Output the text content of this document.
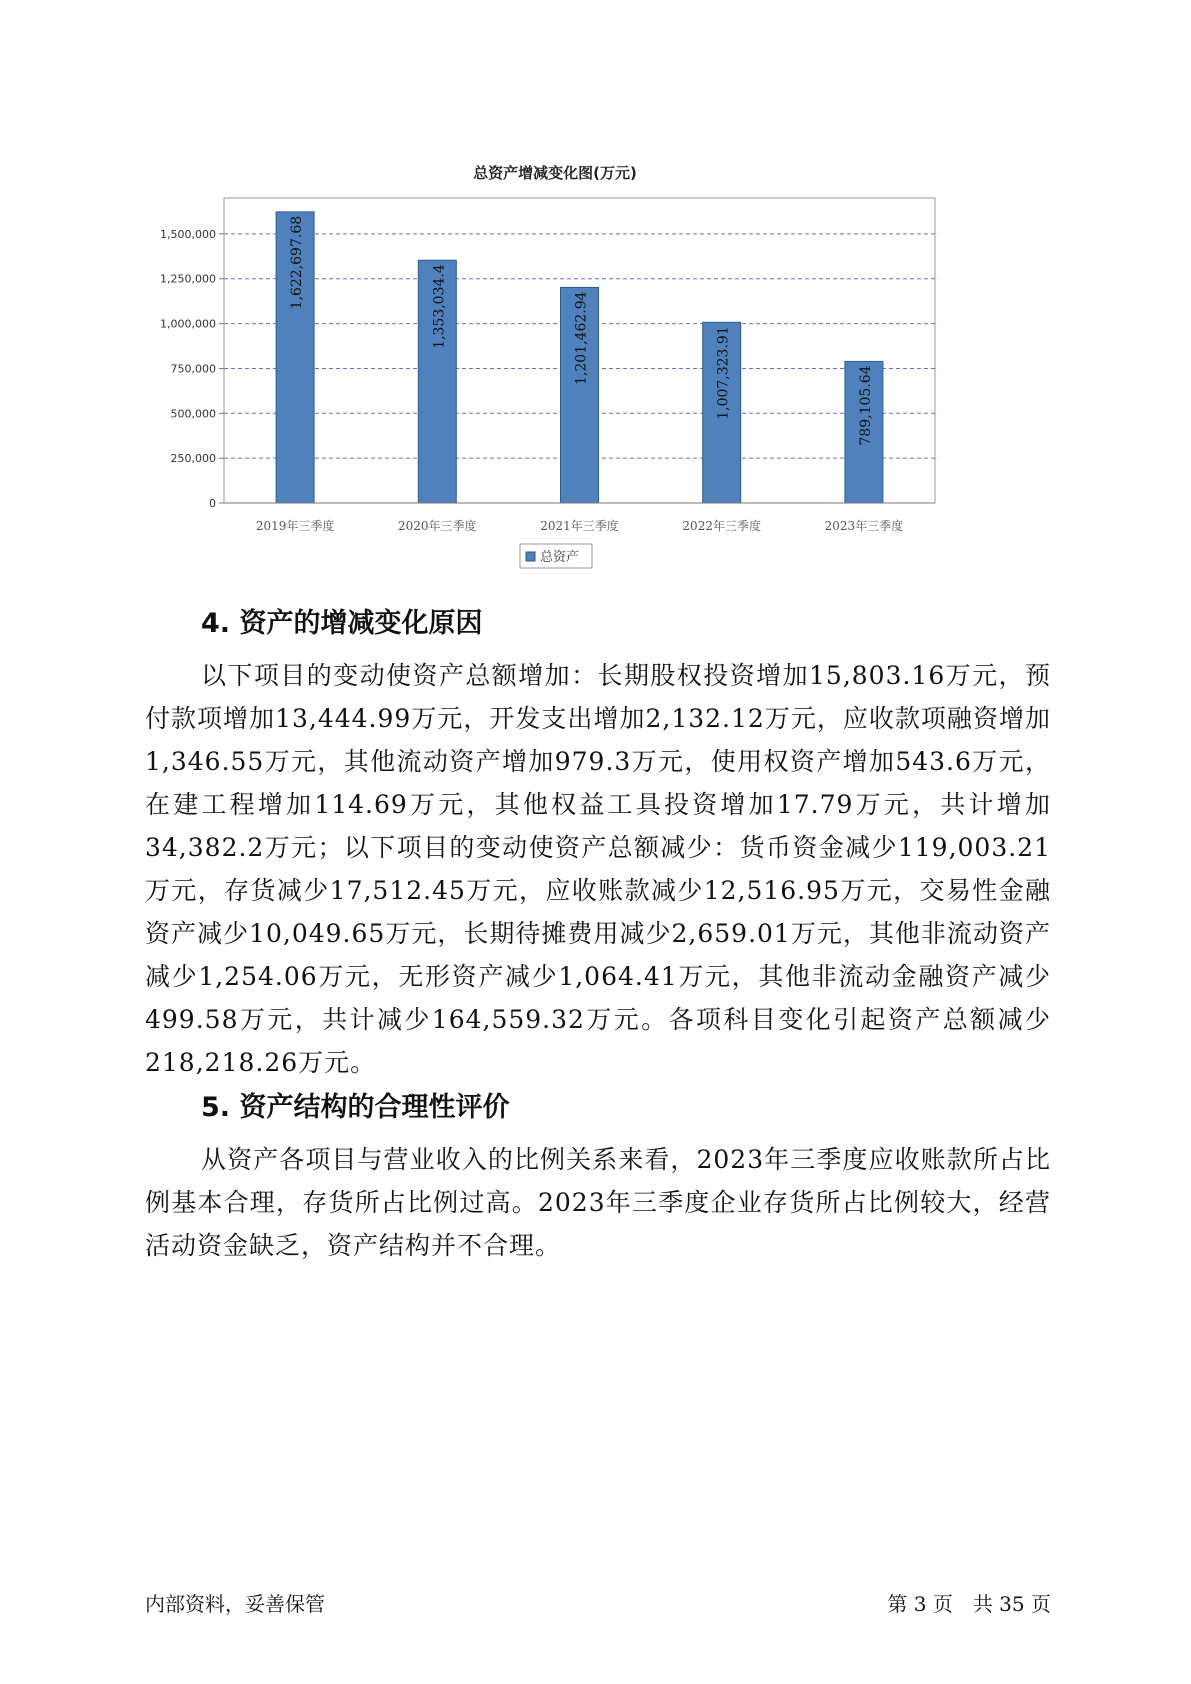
总资产增减变化图(万元)
0
250,000
500,000
750,000
1,000,000
1,250,000
1,500,000	1,622,697.68
2019年三季度
1,353,034.4
2020年三季度
1,201,462.94
2021年三季度
1,007,323.91
2022年三季度
789,105.64
2023年三季度
总资产
4. 资产的增减变化原因

以下项目的变动使资产总额增加：长期股权投资增加15,803.16万元，预付款项增加13,444.99万元，开发支出增加2,132.12万元，应收款项融资增加1,346.55万元，其他流动资产增加979.3万元，使用权资产增加543.6万元，在建工程增加114.69万元，其他权益工具投资增加17.79万元，共计增加34,382.2万元；以下项目的变动使资产总额减少：货币资金减少119,003.21万元，存货减少17,512.45万元，应收账款减少12,516.95万元，交易性金融资产减少10,049.65万元，长期待摊费用减少2,659.01万元，其他非流动资产减少1,254.06万元，无形资产减少1,064.41万元，其他非流动金融资产减少499.58万元，共计减少164,559.32万元。各项科目变化引起资产总额减少218,218.26万元。

5. 资产结构的合理性评价

从资产各项目与营业收入的比例关系来看，2023年三季度应收账款所占比例基本合理，存货所占比例过高。2023年三季度企业存货所占比例较大，经营活动资金缺乏，资产结构并不合理。

内部资料，妥善保管	第 3 页　共 35 页
